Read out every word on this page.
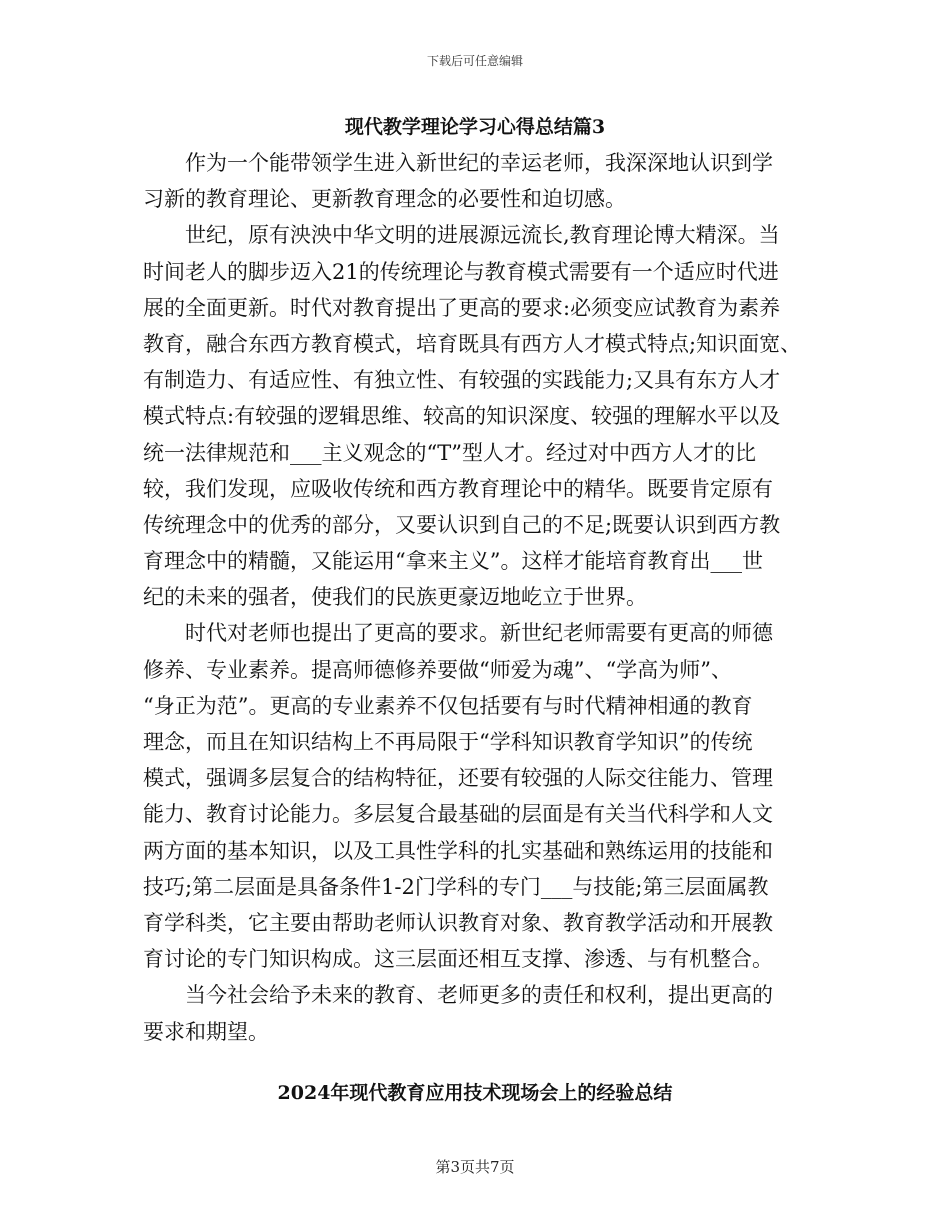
下载后可任意编辑
现代教学理论学习心得总结篇3
　　作为一个能带领学生进入新世纪的幸运老师，我深深地认识到学
习新的教育理论、更新教育理念的必要性和迫切感。
　　世纪，原有泱泱中华文明的进展源远流长,教育理论博大精深。当
时间老人的脚步迈入21的传统理论与教育模式需要有一个适应时代进
展的全面更新。时代对教育提出了更高的要求:必须变应试教育为素养
教育，融合东西方教育模式，培育既具有西方人才模式特点;知识面宽、
有制造力、有适应性、有独立性、有较强的实践能力;又具有东方人才
模式特点:有较强的逻辑思维、较高的知识深度、较强的理解水平以及
统一法律规范和___主义观念的“T”型人才。经过对中西方人才的比
较，我们发现，应吸收传统和西方教育理论中的精华。既要肯定原有
传统理念中的优秀的部分，又要认识到自己的不足;既要认识到西方教
育理念中的精髓，又能运用“拿来主义”。这样才能培育教育出___世
纪的未来的强者，使我们的民族更豪迈地屹立于世界。
　　时代对老师也提出了更高的要求。新世纪老师需要有更高的师德
修养、专业素养。提高师德修养要做“师爱为魂”、“学高为师”、
“身正为范”。更高的专业素养不仅包括要有与时代精神相通的教育
理念，而且在知识结构上不再局限于“学科知识教育学知识”的传统
模式，强调多层复合的结构特征，还要有较强的人际交往能力、管理
能力、教育讨论能力。多层复合最基础的层面是有关当代科学和人文
两方面的基本知识，以及工具性学科的扎实基础和熟练运用的技能和
技巧;第二层面是具备条件1-2门学科的专门___与技能;第三层面属教
育学科类，它主要由帮助老师认识教育对象、教育教学活动和开展教
育讨论的专门知识构成。这三层面还相互支撑、渗透、与有机整合。
　　当今社会给予未来的教育、老师更多的责任和权利，提出更高的
要求和期望。
2024年现代教育应用技术现场会上的经验总结
第3页共7页
